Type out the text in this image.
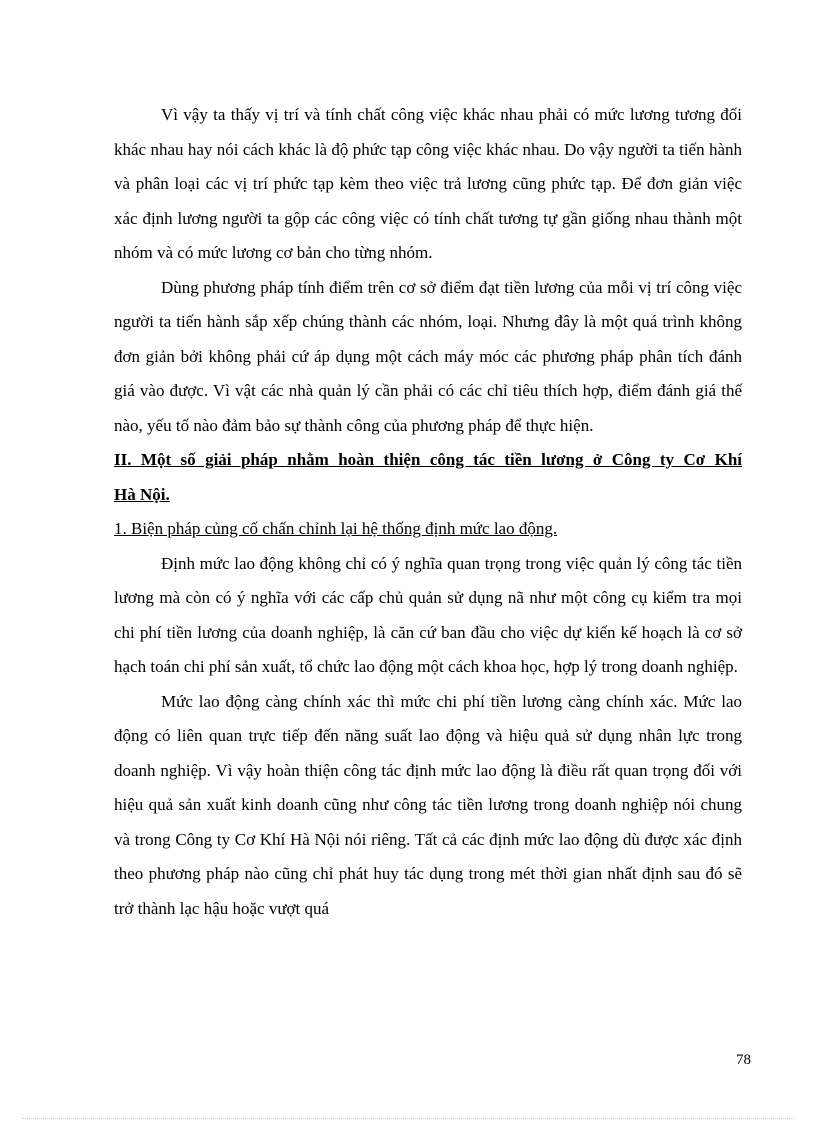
Vì vậy ta thấy vị trí và tính chất công việc khác nhau phải có mức lương tương đối khác nhau hay nói cách khác là độ phức tạp công việc khác nhau. Do vậy người ta tiến hành và phân loại các vị trí phức tạp kèm theo việc trả lương cũng phức tạp. Để đơn giản việc xác định lương người ta gộp các công việc có tính chất tương tự gần giống nhau thành một nhóm và có mức lương cơ bản cho từng nhóm.

Dùng phương pháp tính điểm trên cơ sở điểm đạt tiền lương của mỗi vị trí công việc người ta tiến hành sắp xếp chúng thành các nhóm, loại. Nhưng đây là một quá trình không đơn giản bởi không phải cứ áp dụng một cách máy móc các phương pháp phân tích đánh giá vào được. Vì vật các nhà quản lý cần phải có các chỉ tiêu thích hợp, điểm đánh giá thế nào, yếu tố nào đảm bảo sự thành công của phương pháp để thực hiện.

II. Một số giải pháp nhằm hoàn thiện công tác tiền lương ở Công ty Cơ Khí

Hà Nội.

1. Biện pháp củng cố chấn chỉnh lại hệ thống định mức lao động.

Định mức lao động không chỉ có ý nghĩa quan trọng trong việc quản lý công tác tiền lương mà còn có ý nghĩa với các cấp chủ quản sử dụng nã như một công cụ kiểm tra mọi chi phí tiền lương của doanh nghiệp, là căn cứ ban đầu cho việc dự kiến kế hoạch là cơ sở hạch toán chi phí sản xuất, tổ chức lao động một cách khoa học, hợp lý trong doanh nghiệp.

Mức lao động càng chính xác thì mức chi phí tiền lương càng chính xác. Mức lao động có liên quan trực tiếp đến năng suất lao động và hiệu quả sử dụng nhân lực trong doanh nghiệp. Vì vậy hoàn thiện công tác định mức lao động là điều rất quan trọng đối với hiệu quả sản xuất kinh doanh cũng như công tác tiền lương trong doanh nghiệp nói chung và trong Công ty Cơ Khí Hà Nội nói riêng. Tất cả các định mức lao động dù được xác định theo phương pháp nào cũng chỉ phát huy tác dụng trong mét thời gian nhất định sau đó sẽ trở thành lạc hậu hoặc vượt quá

78
